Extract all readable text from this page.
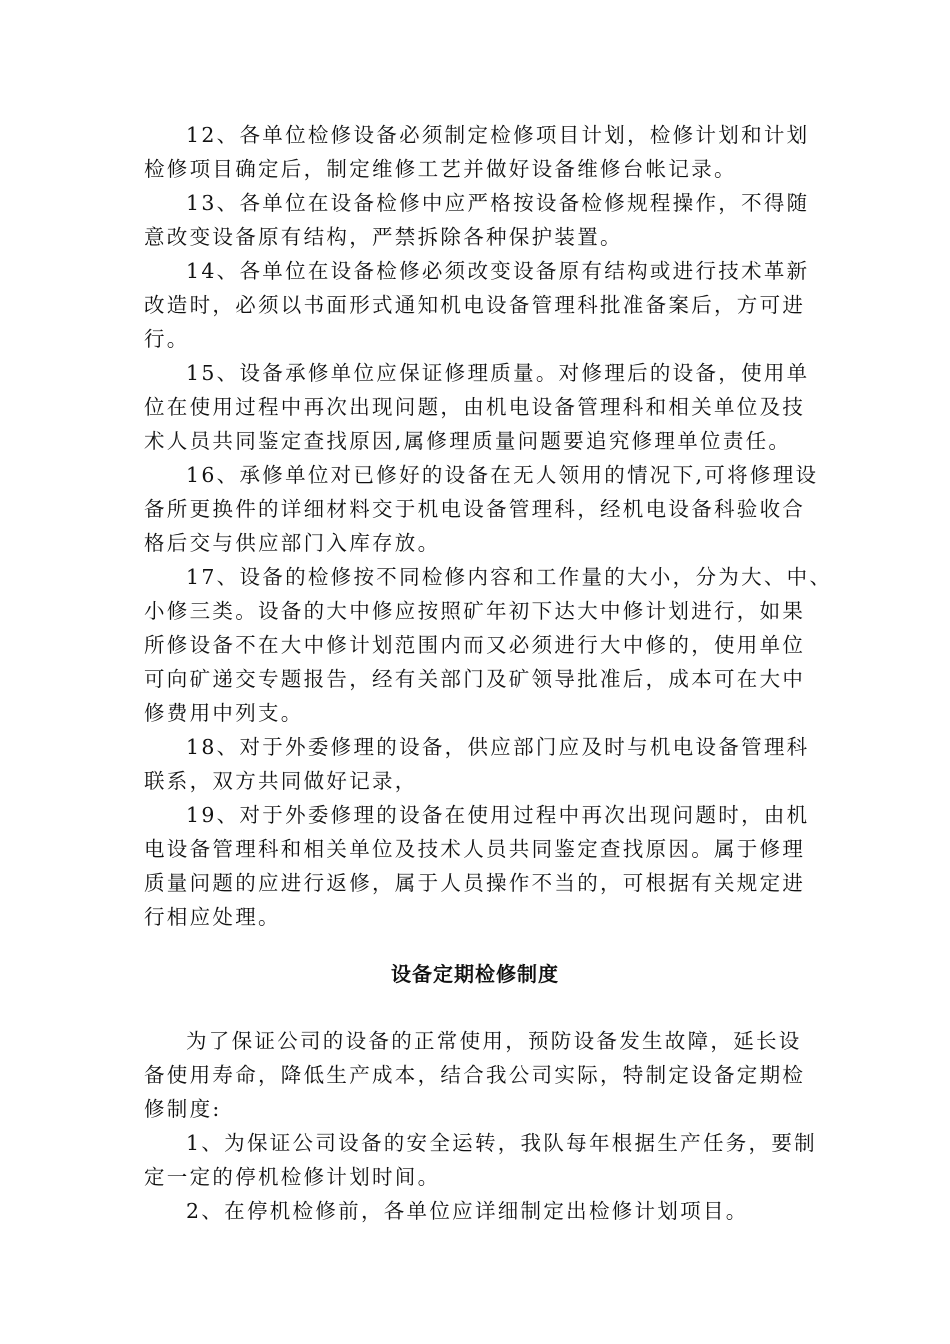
12、各单位检修设备必须制定检修项目计划，检修计划和计划
检修项目确定后，制定维修工艺并做好设备维修台帐记录。
13、各单位在设备检修中应严格按设备检修规程操作，不得随
意改变设备原有结构，严禁拆除各种保护装置。
14、各单位在设备检修必须改变设备原有结构或进行技术革新
改造时，必须以书面形式通知机电设备管理科批准备案后，方可进
行。
15、设备承修单位应保证修理质量。对修理后的设备，使用单
位在使用过程中再次出现问题，由机电设备管理科和相关单位及技
术人员共同鉴定查找原因,属修理质量问题要追究修理单位责任。
16、承修单位对已修好的设备在无人领用的情况下,可将修理设
备所更换件的详细材料交于机电设备管理科，经机电设备科验收合
格后交与供应部门入库存放。
17、设备的检修按不同检修内容和工作量的大小，分为大、中、
小修三类。设备的大中修应按照矿年初下达大中修计划进行，如果
所修设备不在大中修计划范围内而又必须进行大中修的，使用单位
可向矿递交专题报告，经有关部门及矿领导批准后，成本可在大中
修费用中列支。
18、对于外委修理的设备，供应部门应及时与机电设备管理科
联系，双方共同做好记录，
19、对于外委修理的设备在使用过程中再次出现问题时，由机
电设备管理科和相关单位及技术人员共同鉴定查找原因。属于修理
质量问题的应进行返修，属于人员操作不当的，可根据有关规定进
行相应处理。
设备定期检修制度
为了保证公司的设备的正常使用，预防设备发生故障，延长设
备使用寿命，降低生产成本，结合我公司实际，特制定设备定期检
修制度:
1、为保证公司设备的安全运转，我队每年根据生产任务，要制
定一定的停机检修计划时间。
2、在停机检修前，各单位应详细制定出检修计划项目。
